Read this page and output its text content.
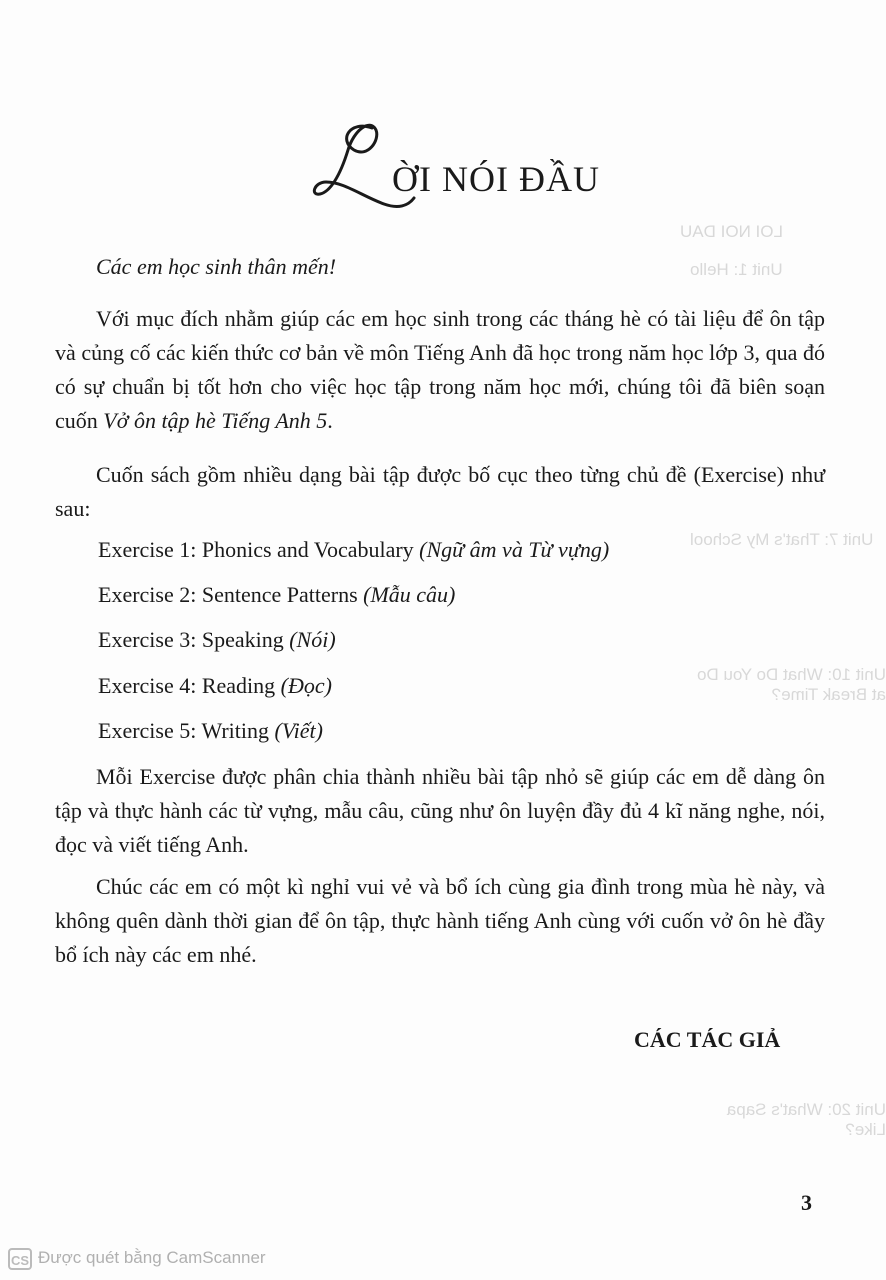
LOI NOI DAU
Unit 1: Hello
Unit 7: That's My School
Unit 10: What Do You Do at Break Time?
Unit 20: What's Sapa Like?
ỜI NÓI ĐẦU
Các em học sinh thân mến!
Với mục đích nhằm giúp các em học sinh trong các tháng hè có tài liệu để ôn tập và củng cố các kiến thức cơ bản về môn Tiếng Anh đã học trong năm học lớp 3, qua đó có sự chuẩn bị tốt hơn cho việc học tập trong năm học mới, chúng tôi đã biên soạn cuốn Vở ôn tập hè Tiếng Anh 5.
Cuốn sách gồm nhiều dạng bài tập được bố cục theo từng chủ đề (Exercise) như sau:
Exercise 1: Phonics and Vocabulary (Ngữ âm và Từ vựng)
Exercise 2: Sentence Patterns (Mẫu câu)
Exercise 3: Speaking (Nói)
Exercise 4: Reading (Đọc)
Exercise 5: Writing (Viết)
Mỗi Exercise được phân chia thành nhiều bài tập nhỏ sẽ giúp các em dễ dàng ôn tập và thực hành các từ vựng, mẫu câu, cũng như ôn luyện đầy đủ 4 kĩ năng nghe, nói, đọc và viết tiếng Anh.
Chúc các em có một kì nghỉ vui vẻ và bổ ích cùng gia đình trong mùa hè này, và không quên dành thời gian để ôn tập, thực hành tiếng Anh cùng với cuốn vở ôn hè đầy bổ ích này các em nhé.
CÁC TÁC GIẢ
3
CS Được quét bằng CamScanner
